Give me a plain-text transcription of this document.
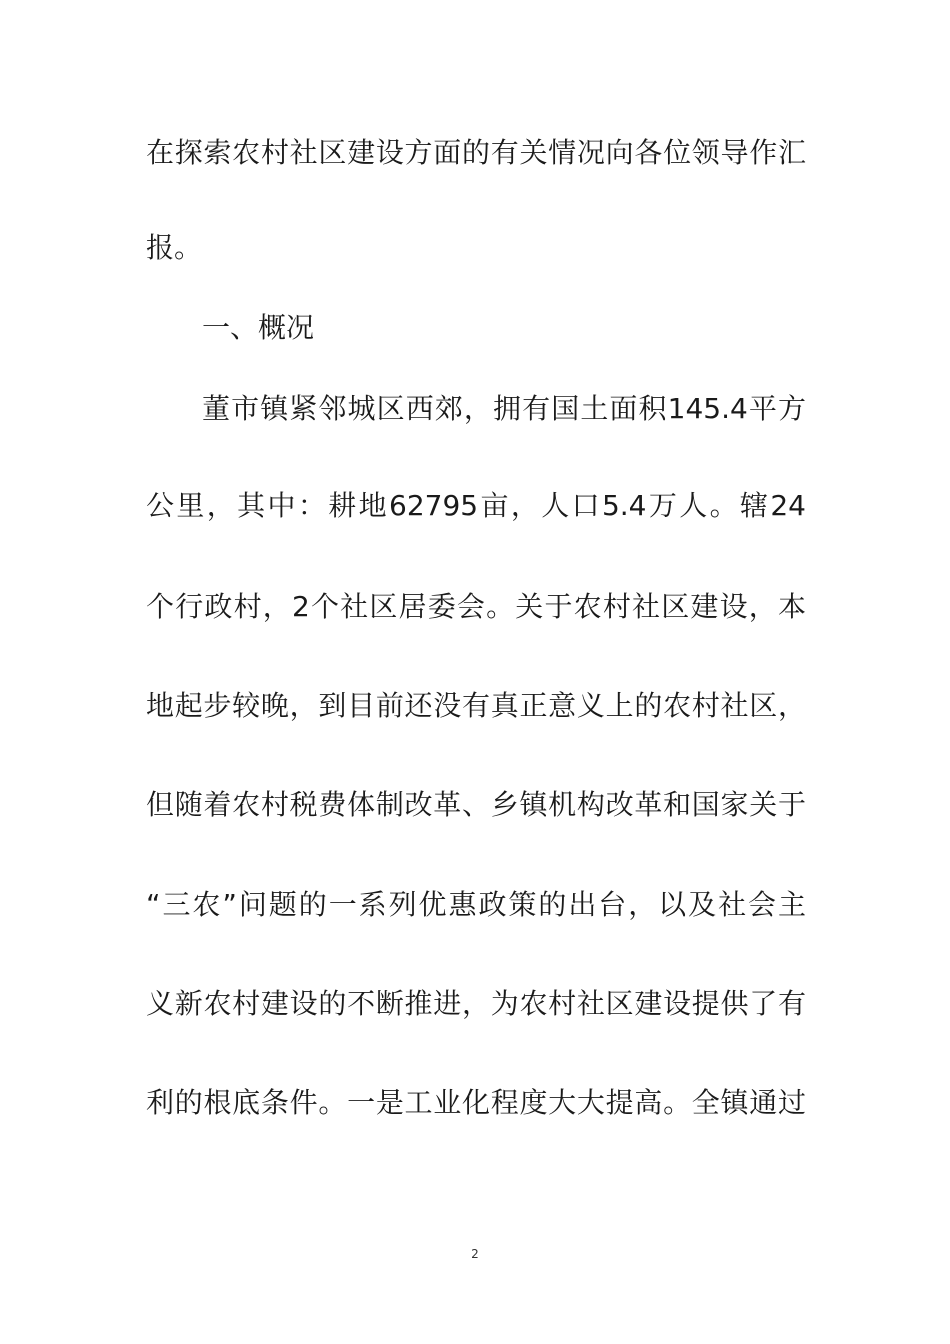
在探索农村社区建设方面的有关情况向各位领导作汇
报。
一、概况
董市镇紧邻城区西郊，拥有国土面积145.4平方
公里，其中：耕地62795亩，人口5.4万人。辖24
个行政村，2个社区居委会。关于农村社区建设，本
地起步较晚，到目前还没有真正意义上的农村社区，
但随着农村税费体制改革、乡镇机构改革和国家关于
“三农”问题的一系列优惠政策的出台，以及社会主
义新农村建设的不断推进，为农村社区建设提供了有
利的根底条件。一是工业化程度大大提高。全镇通过
2
